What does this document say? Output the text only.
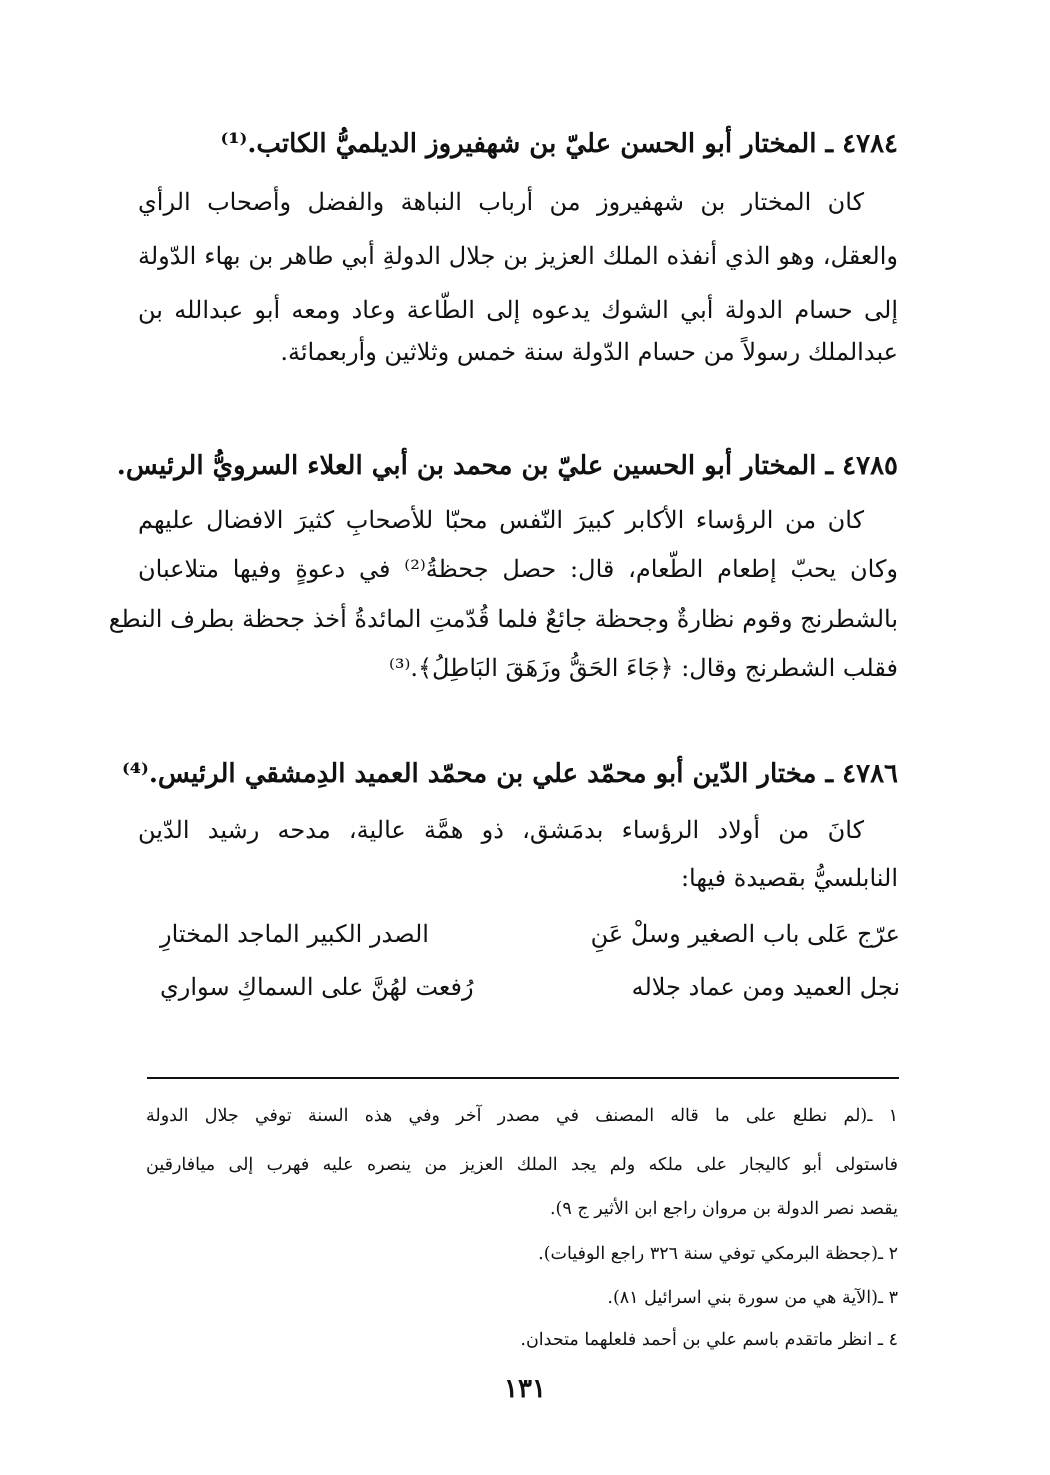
٤٧٨٤ ـ المختار أبو الحسن عليّ بن شهفيروز الديلميُّ الكاتب.⁽¹⁾
كان المختار بن شهفيروز من أرباب النباهة والفضل وأصحاب الرأي
والعقل، وهو الذي أنفذه الملك العزيز بن جلال الدولةِ أبي طاهر بن بهاء الدّولة
إلى حسام الدولة أبي الشوك يدعوه إلى الطّاعة وعاد ومعه أبو عبدالله بن
عبدالملك رسولاً من حسام الدّولة سنة خمس وثلاثين وأربعمائة.
٤٧٨٥ ـ المختار أبو الحسين عليّ بن محمد بن أبي العلاء السرويُّ الرئيس.
كان من الرؤساء الأكابر كبيرَ النّفس محبّا للأصحابِ كثيرَ الافضال عليهم
وكان يحبّ إطعام الطّعام، قال: حصل جحظةُ⁽²⁾ في دعوةٍ وفيها متلاعبان
بالشطرنج وقوم نظارةٌ وجحظة جائعٌ فلما قُدّمتِ المائدةُ أخذ جحظة بطرف النطع
فقلب الشطرنج وقال: ﴿جَاءَ الحَقُّ وزَهَقَ البَاطِلُ﴾.⁽³⁾
٤٧٨٦ ـ مختار الدّين أبو محمّد علي بن محمّد العميد الدِمشقي الرئيس.⁽⁴⁾
كانَ من أولاد الرؤساء بدمَشق، ذو همَّة عالية، مدحه رشيد الدّين
النابلسيُّ بقصيدة فيها:
عرّج عَلى باب الصغير وسلْ عَنِ
الصدر الكبير الماجد المختارِ
نجل العميد ومن عماد جلاله
رُفعت لهُنَّ على السماكِ سواري
١ ـ(لم نطلع على ما قاله المصنف في مصدر آخر وفي هذه السنة توفي جلال الدولة
فاستولى أبو كاليجار على ملكه ولم يجد الملك العزيز من ينصره عليه فهرب إلى ميافارقين
يقصد نصر الدولة بن مروان راجع ابن الأثير ج ٩).
٢ ـ(جحظة البرمكي توفي سنة ٣٢٦ راجع الوفيات).
٣ ـ(الآية هي من سورة بني اسرائيل ٨١).
٤ ـ انظر ماتقدم باسم علي بن أحمد فلعلهما متحدان.
١٣١
